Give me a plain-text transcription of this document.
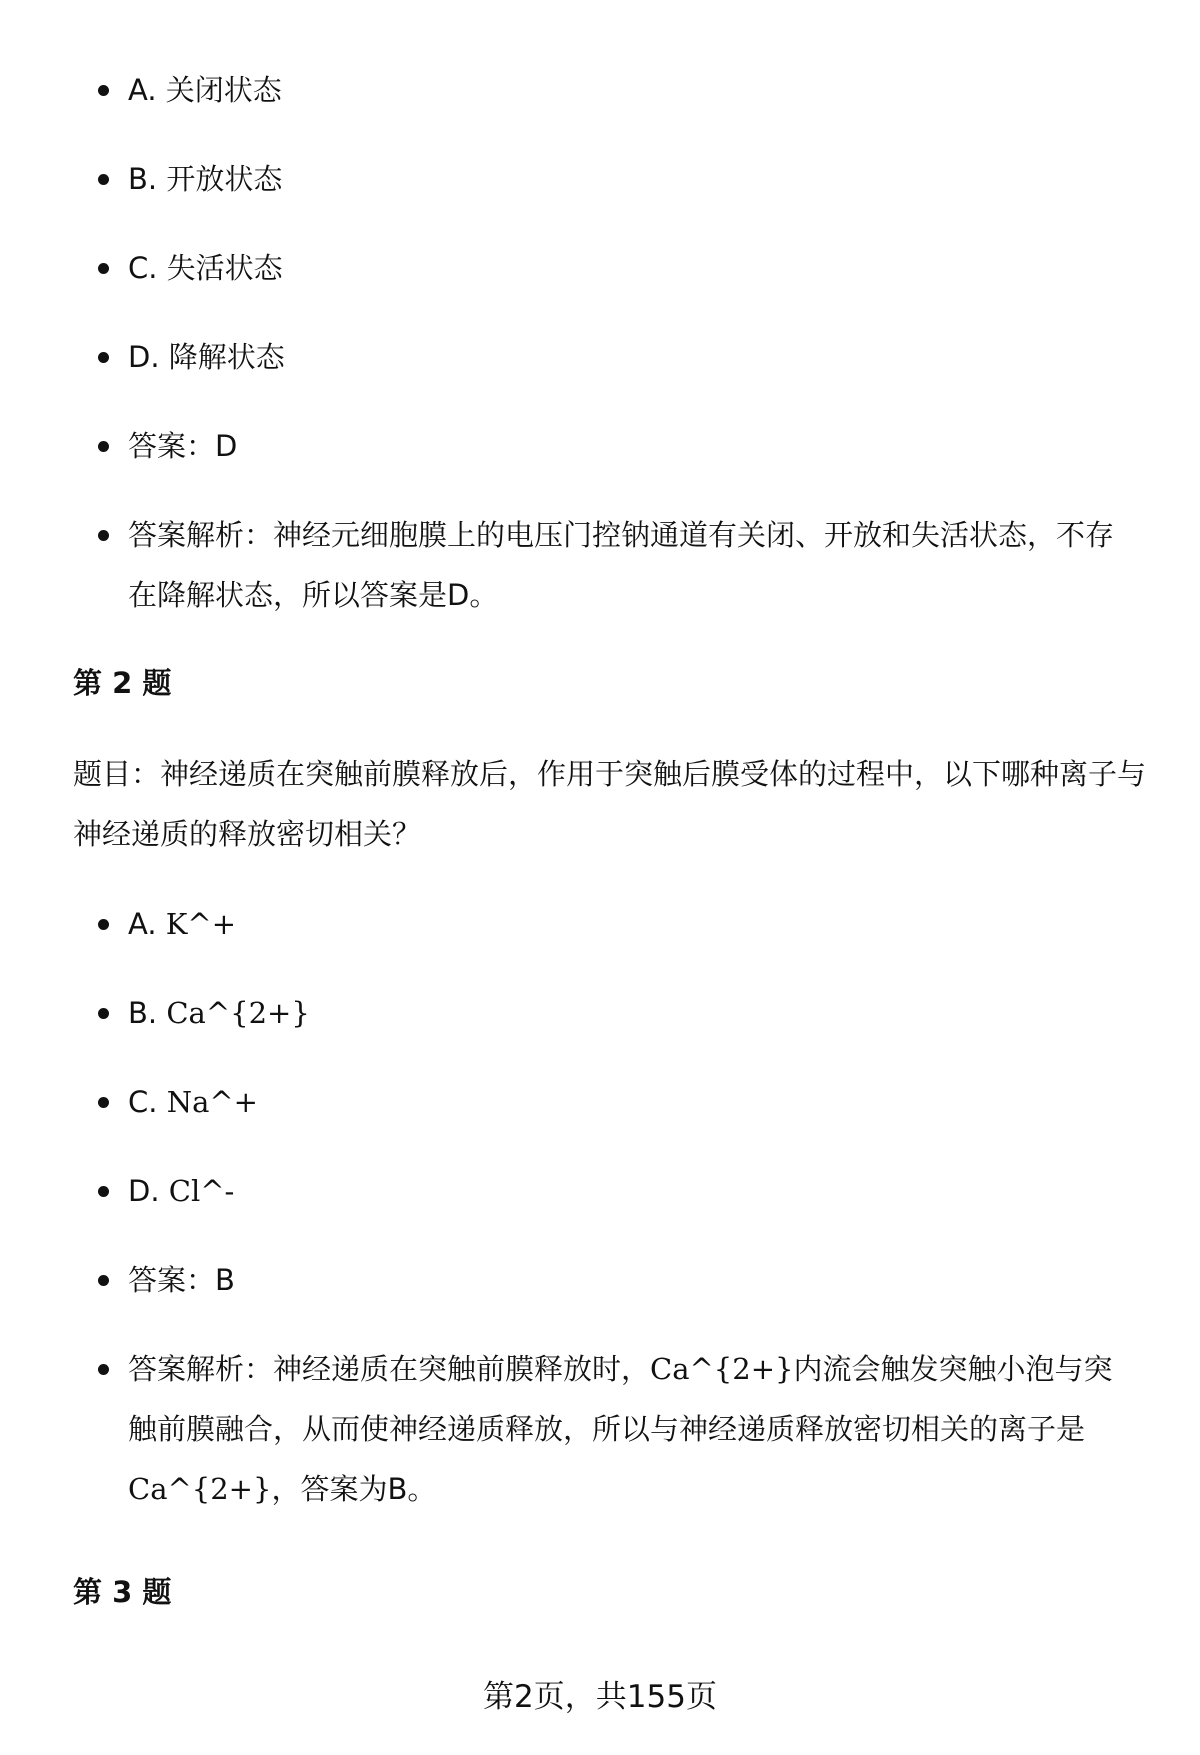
A. 关闭状态
B. 开放状态
C. 失活状态
D. 降解状态
答案：D
答案解析：神经元细胞膜上的电压门控钠通道有关闭、开放和失活状态，不存在降解状态，所以答案是D。
第 2 题
题目：神经递质在突触前膜释放后，作用于突触后膜受体的过程中，以下哪种离子与神经递质的释放密切相关？
A. K^+
B. Ca^{2+}
C. Na^+
D. Cl^-
答案：B
答案解析：神经递质在突触前膜释放时，Ca^{2+}内流会触发突触小泡与突触前膜融合，从而使神经递质释放，所以与神经递质释放密切相关的离子是Ca^{2+}，答案为B。
第 3 题
第2页，共155页
